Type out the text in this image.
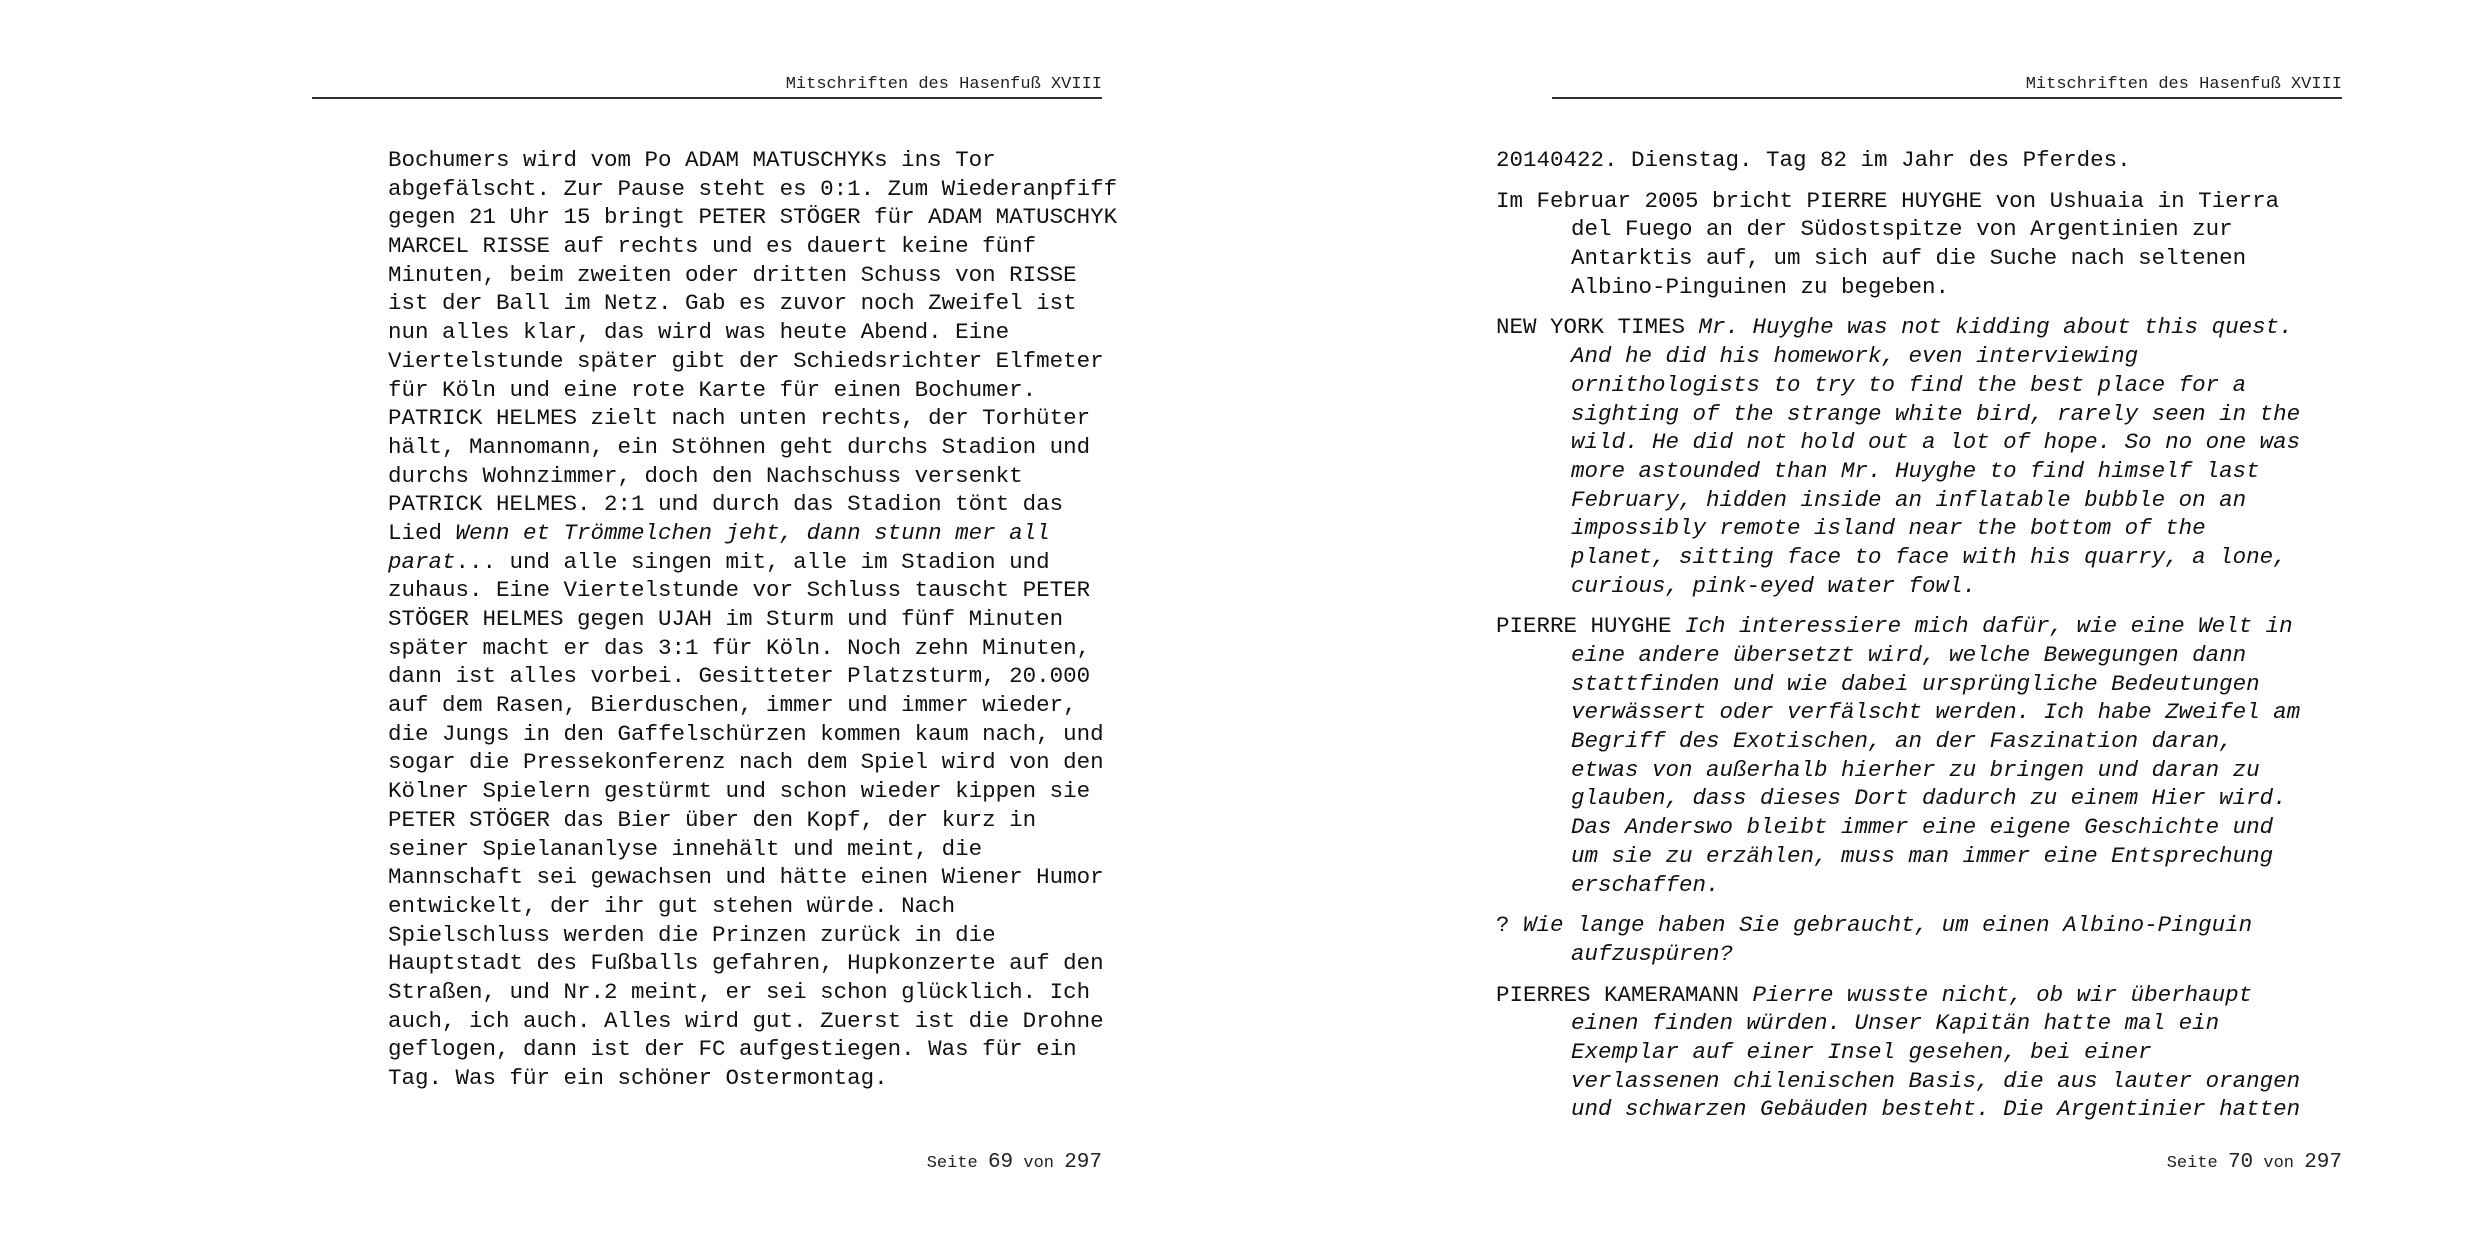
Mitschriften des Hasenfuß XVIII
Bochumers wird vom Po ADAM MATUSCHYKs ins Tor
abgefälscht. Zur Pause steht es 0:1. Zum Wiederanpfiff
gegen 21 Uhr 15 bringt PETER STÖGER für ADAM MATUSCHYK
MARCEL RISSE auf rechts und es dauert keine fünf
Minuten, beim zweiten oder dritten Schuss von RISSE
ist der Ball im Netz. Gab es zuvor noch Zweifel ist
nun alles klar, das wird was heute Abend. Eine
Viertelstunde später gibt der Schiedsrichter Elfmeter
für Köln und eine rote Karte für einen Bochumer.
PATRICK HELMES zielt nach unten rechts, der Torhüter
hält, Mannomann, ein Stöhnen geht durchs Stadion und
durchs Wohnzimmer, doch den Nachschuss versenkt
PATRICK HELMES. 2:1 und durch das Stadion tönt das
Lied Wenn et Trömmelchen jeht, dann stunn mer all
parat... und alle singen mit, alle im Stadion und
zuhaus. Eine Viertelstunde vor Schluss tauscht PETER
STÖGER HELMES gegen UJAH im Sturm und fünf Minuten
später macht er das 3:1 für Köln. Noch zehn Minuten,
dann ist alles vorbei. Gesitteter Platzsturm, 20.000
auf dem Rasen, Bierduschen, immer und immer wieder,
die Jungs in den Gaffelschürzen kommen kaum nach, und
sogar die Pressekonferenz nach dem Spiel wird von den
Kölner Spielern gestürmt und schon wieder kippen sie
PETER STÖGER das Bier über den Kopf, der kurz in
seiner Spielananlyse innehält und meint, die
Mannschaft sei gewachsen und hätte einen Wiener Humor
entwickelt, der ihr gut stehen würde. Nach
Spielschluss werden die Prinzen zurück in die
Hauptstadt des Fußballs gefahren, Hupkonzerte auf den
Straßen, und Nr.2 meint, er sei schon glücklich. Ich
auch, ich auch. Alles wird gut. Zuerst ist die Drohne
geflogen, dann ist der FC aufgestiegen. Was für ein
Tag. Was für ein schöner Ostermontag.
Seite 69 von 297
Mitschriften des Hasenfuß XVIII
20140422. Dienstag. Tag 82 im Jahr des Pferdes.
Im Februar 2005 bricht PIERRE HUYGHE von Ushuaia in Tierra
del Fuego an der Südostspitze von Argentinien zur
Antarktis auf, um sich auf die Suche nach seltenen
Albino-Pinguinen zu begeben.
NEW YORK TIMES Mr. Huyghe was not kidding about this quest.
And he did his homework, even interviewing
ornithologists to try to find the best place for a
sighting of the strange white bird, rarely seen in the
wild. He did not hold out a lot of hope. So no one was
more astounded than Mr. Huyghe to find himself last
February, hidden inside an inflatable bubble on an
impossibly remote island near the bottom of the
planet, sitting face to face with his quarry, a lone,
curious, pink-eyed water fowl.
PIERRE HUYGHE Ich interessiere mich dafür, wie eine Welt in
eine andere übersetzt wird, welche Bewegungen dann
stattfinden und wie dabei ursprüngliche Bedeutungen
verwässert oder verfälscht werden. Ich habe Zweifel am
Begriff des Exotischen, an der Faszination daran,
etwas von außerhalb hierher zu bringen und daran zu
glauben, dass dieses Dort dadurch zu einem Hier wird.
Das Anderswo bleibt immer eine eigene Geschichte und
um sie zu erzählen, muss man immer eine Entsprechung
erschaffen.
? Wie lange haben Sie gebraucht, um einen Albino-Pinguin
aufzuspüren?
PIERRES KAMERAMANN Pierre wusste nicht, ob wir überhaupt
einen finden würden. Unser Kapitän hatte mal ein
Exemplar auf einer Insel gesehen, bei einer
verlassenen chilenischen Basis, die aus lauter orangen
und schwarzen Gebäuden besteht. Die Argentinier hatten
Seite 70 von 297
